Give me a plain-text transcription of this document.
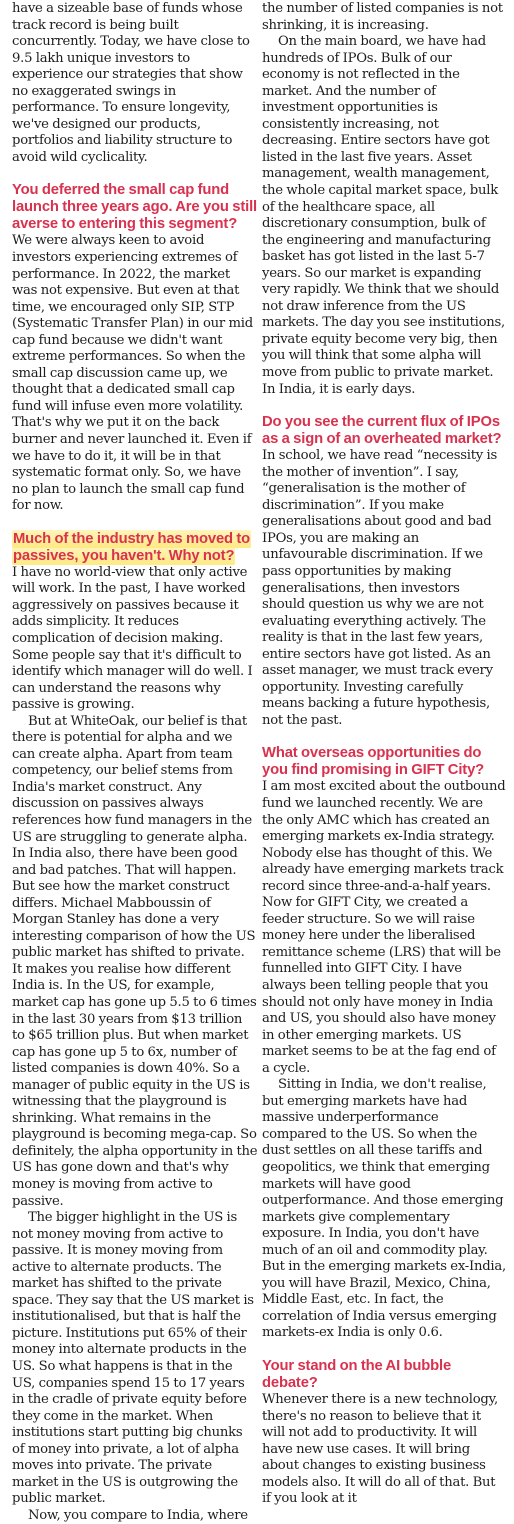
have a sizeable base of funds whose track record is being built concurrently. Today, we have close to 9.5 lakh unique investors to experience our strategies that show no exaggerated swings in performance. To ensure longevity, we've designed our products, portfolios and liability structure to avoid wild cyclicality.

You deferred the small cap fund launch three years ago. Are you still averse to entering this segment?

We were always keen to avoid investors experiencing extremes of performance. In 2022, the market was not expensive. But even at that time, we encouraged only SIP, STP (Systematic Transfer Plan) in our mid cap fund because we didn't want extreme performances. So when the small cap discussion came up, we thought that a dedicated small cap fund will infuse even more volatility. That's why we put it on the back burner and never launched it. Even if we have to do it, it will be in that systematic format only. So, we have no plan to launch the small cap fund for now.

Much of the industry has moved to passives, you haven't. Why not?

I have no world-view that only active will work. In the past, I have worked aggressively on passives because it adds simplicity. It reduces complication of decision making. Some people say that it's difficult to identify which manager will do well. I can understand the reasons why passive is growing.

But at WhiteOak, our belief is that there is potential for alpha and we can create alpha. Apart from team competency, our belief stems from India's market construct. Any discussion on passives always references how fund managers in the US are struggling to generate alpha. In India also, there have been good and bad patches. That will happen. But see how the market construct differs. Michael Mabboussin of Morgan Stanley has done a very interesting comparison of how the US public market has shifted to private. It makes you realise how different India is. In the US, for example, market cap has gone up 5.5 to 6 times in the last 30 years from $13 trillion to $65 trillion plus. But when market cap has gone up 5 to 6x, number of listed companies is down 40%. So a manager of public equity in the US is witnessing that the playground is shrinking. What remains in the playground is becoming mega-cap. So definitely, the alpha opportunity in the US has gone down and that's why money is moving from active to passive.

The bigger highlight in the US is not money moving from active to passive. It is money moving from active to alternate products. The market has shifted to the private space. They say that the US market is institutionalised, but that is half the picture. Institutions put 65% of their money into alternate products in the US. So what happens is that in the US, companies spend 15 to 17 years in the cradle of private equity before they come in the market. When institutions start putting big chunks of money into private, a lot of alpha moves into private. The private market in the US is outgrowing the public market.

Now, you compare to India, where

the number of listed companies is not shrinking, it is increasing.

On the main board, we have had hundreds of IPOs. Bulk of our economy is not reflected in the market. And the number of investment opportunities is consistently increasing, not decreasing. Entire sectors have got listed in the last five years. Asset management, wealth management, the whole capital market space, bulk of the healthcare space, all discretionary consumption, bulk of the engineering and manufacturing basket has got listed in the last 5-7 years. So our market is expanding very rapidly. We think that we should not draw inference from the US markets. The day you see institutions, private equity become very big, then you will think that some alpha will move from public to private market. In India, it is early days.

Do you see the current flux of IPOs as a sign of an overheated market?

In school, we have read “necessity is the mother of invention”. I say, “generalisation is the mother of discrimination”. If you make generalisations about good and bad IPOs, you are making an unfavourable discrimination. If we pass opportunities by making generalisations, then investors should question us why we are not evaluating everything actively. The reality is that in the last few years, entire sectors have got listed. As an asset manager, we must track every opportunity. Investing carefully means backing a future hypothesis, not the past.

What overseas opportunities do you find promising in GIFT City?

I am most excited about the outbound fund we launched recently. We are the only AMC which has created an emerging markets ex-India strategy. Nobody else has thought of this. We already have emerging markets track record since three-and-a-half years. Now for GIFT City, we created a feeder structure. So we will raise money here under the liberalised remittance scheme (LRS) that will be funnelled into GIFT City. I have always been telling people that you should not only have money in India and US, you should also have money in other emerging markets. US market seems to be at the fag end of a cycle.

Sitting in India, we don't realise, but emerging markets have had massive underperformance compared to the US. So when the dust settles on all these tariffs and geopolitics, we think that emerging markets will have good outperformance. And those emerging markets give complementary exposure. In India, you don't have much of an oil and commodity play. But in the emerging markets ex-India, you will have Brazil, Mexico, China, Middle East, etc. In fact, the correlation of India versus emerging markets-ex India is only 0.6.

Your stand on the AI bubble debate?

Whenever there is a new technology, there's no reason to believe that it will not add to productivity. It will have new use cases. It will bring about changes to existing business models also. It will do all of that. But if you look at it
